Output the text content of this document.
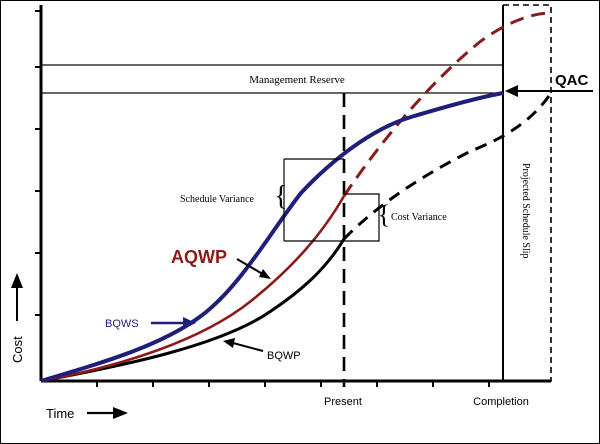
Management Reserve
Projected Schedule Slip
{
Schedule Variance
{ Cost Variance
AQWP
BQWS
BQWP
QAC
Cost
Time
Present	Completion
